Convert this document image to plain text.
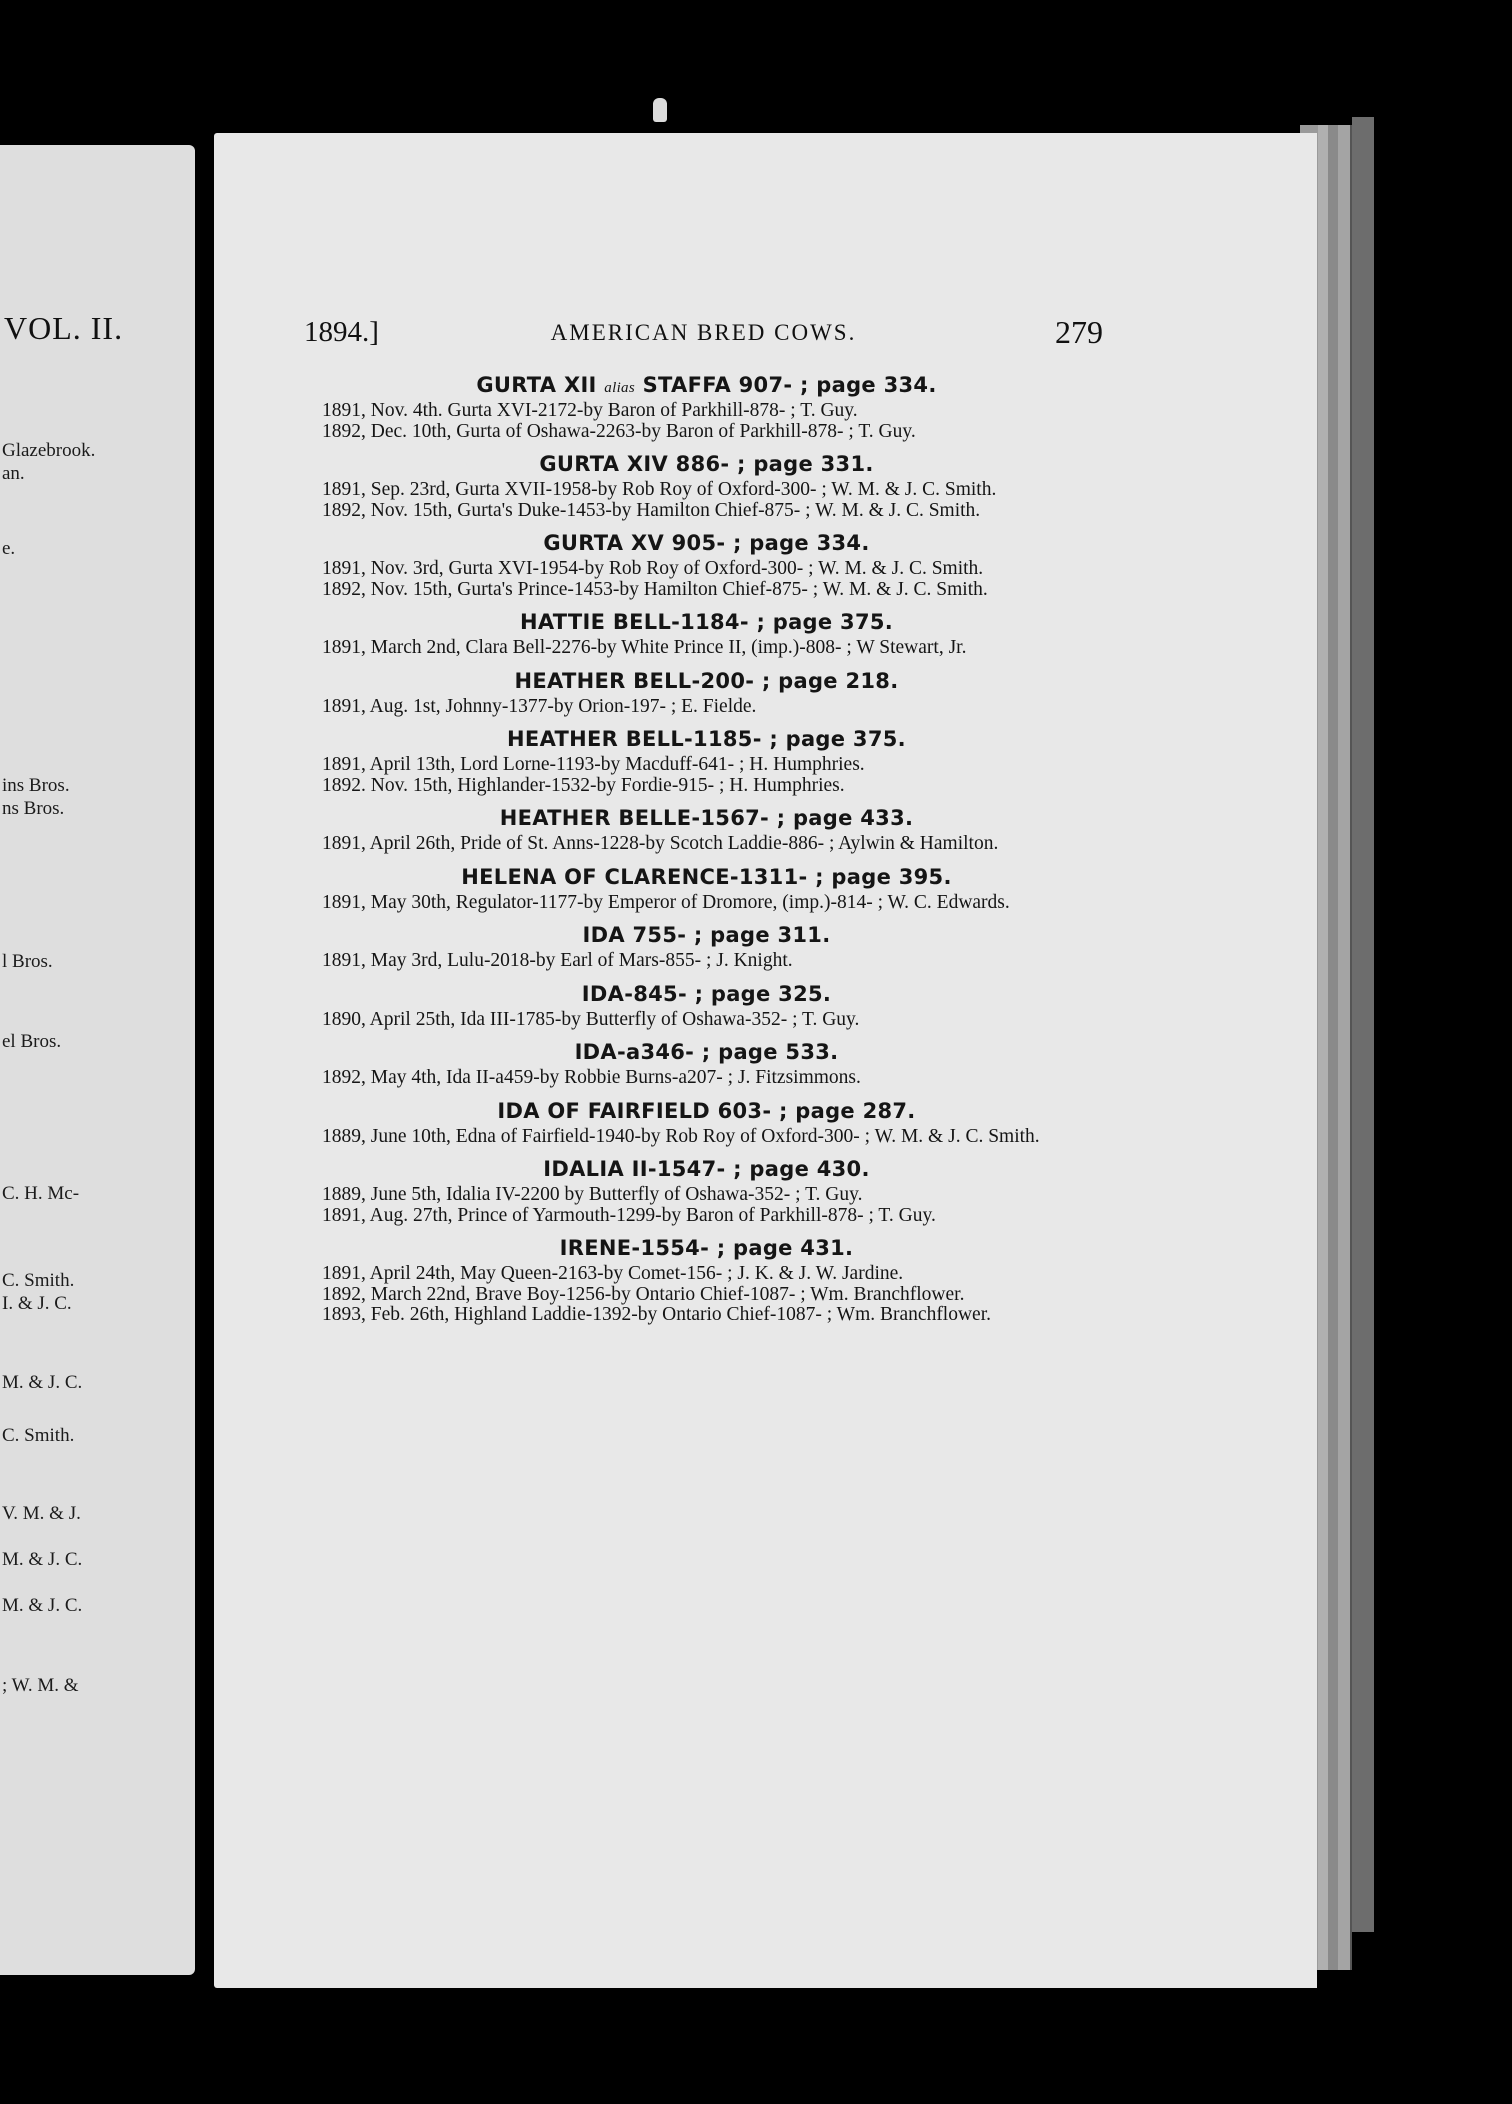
VOL. II.
Glazebrook.
an.
e.
ins Bros.
ns Bros.
l Bros.
el Bros.
C. H. Mc-
C. Smith.
I. & J. C.
M. & J. C.
C. Smith.
V. M. & J.
M. & J. C.
M. & J. C.
; W. M. &
1894.]	AMERICAN BRED COWS.	279
GURTA XII alias STAFFA 907- ; page 334.

1891, Nov. 4th. Gurta XVI-2172-by Baron of Parkhill-878- ; T. Guy.

1892, Dec. 10th, Gurta of Oshawa-2263-by Baron of Parkhill-878- ; T. Guy.

GURTA XIV 886- ; page 331.

1891, Sep. 23rd, Gurta XVII-1958-by Rob Roy of Oxford-300- ; W. M. & J. C. Smith.

1892, Nov. 15th, Gurta's Duke-1453-by Hamilton Chief-875- ; W. M. & J. C. Smith.

GURTA XV 905- ; page 334.

1891, Nov. 3rd, Gurta XVI-1954-by Rob Roy of Oxford-300- ; W. M. & J. C. Smith.

1892, Nov. 15th, Gurta's Prince-1453-by Hamilton Chief-875- ; W. M. & J. C. Smith.

HATTIE BELL-1184- ; page 375.

1891, March 2nd, Clara Bell-2276-by White Prince II, (imp.)-808- ; W Stewart, Jr.

HEATHER BELL-200- ; page 218.

1891, Aug. 1st, Johnny-1377-by Orion-197- ; E. Fielde.

HEATHER BELL-1185- ; page 375.

1891, April 13th, Lord Lorne-1193-by Macduff-641- ; H. Humphries.

1892. Nov. 15th, Highlander-1532-by Fordie-915- ; H. Humphries.

HEATHER BELLE-1567- ; page 433.

1891, April 26th, Pride of St. Anns-1228-by Scotch Laddie-886- ; Aylwin & Hamilton.

HELENA OF CLARENCE-1311- ; page 395.

1891, May 30th, Regulator-1177-by Emperor of Dromore, (imp.)-814- ; W. C. Edwards.

IDA 755- ; page 311.

1891, May 3rd, Lulu-2018-by Earl of Mars-855- ; J. Knight.

IDA-845- ; page 325.

1890, April 25th, Ida III-1785-by Butterfly of Oshawa-352- ; T. Guy.

IDA-a346- ; page 533.

1892, May 4th, Ida II-a459-by Robbie Burns-a207- ; J. Fitzsimmons.

IDA OF FAIRFIELD 603- ; page 287.

1889, June 10th, Edna of Fairfield-1940-by Rob Roy of Oxford-300- ; W. M. & J. C. Smith.

IDALIA II-1547- ; page 430.

1889, June 5th, Idalia IV-2200 by Butterfly of Oshawa-352- ; T. Guy.

1891, Aug. 27th, Prince of Yarmouth-1299-by Baron of Parkhill-878- ; T. Guy.

IRENE-1554- ; page 431.

1891, April 24th, May Queen-2163-by Comet-156- ; J. K. & J. W. Jardine.

1892, March 22nd, Brave Boy-1256-by Ontario Chief-1087- ; Wm. Branchflower.

1893, Feb. 26th, Highland Laddie-1392-by Ontario Chief-1087- ; Wm. Branchflower.
